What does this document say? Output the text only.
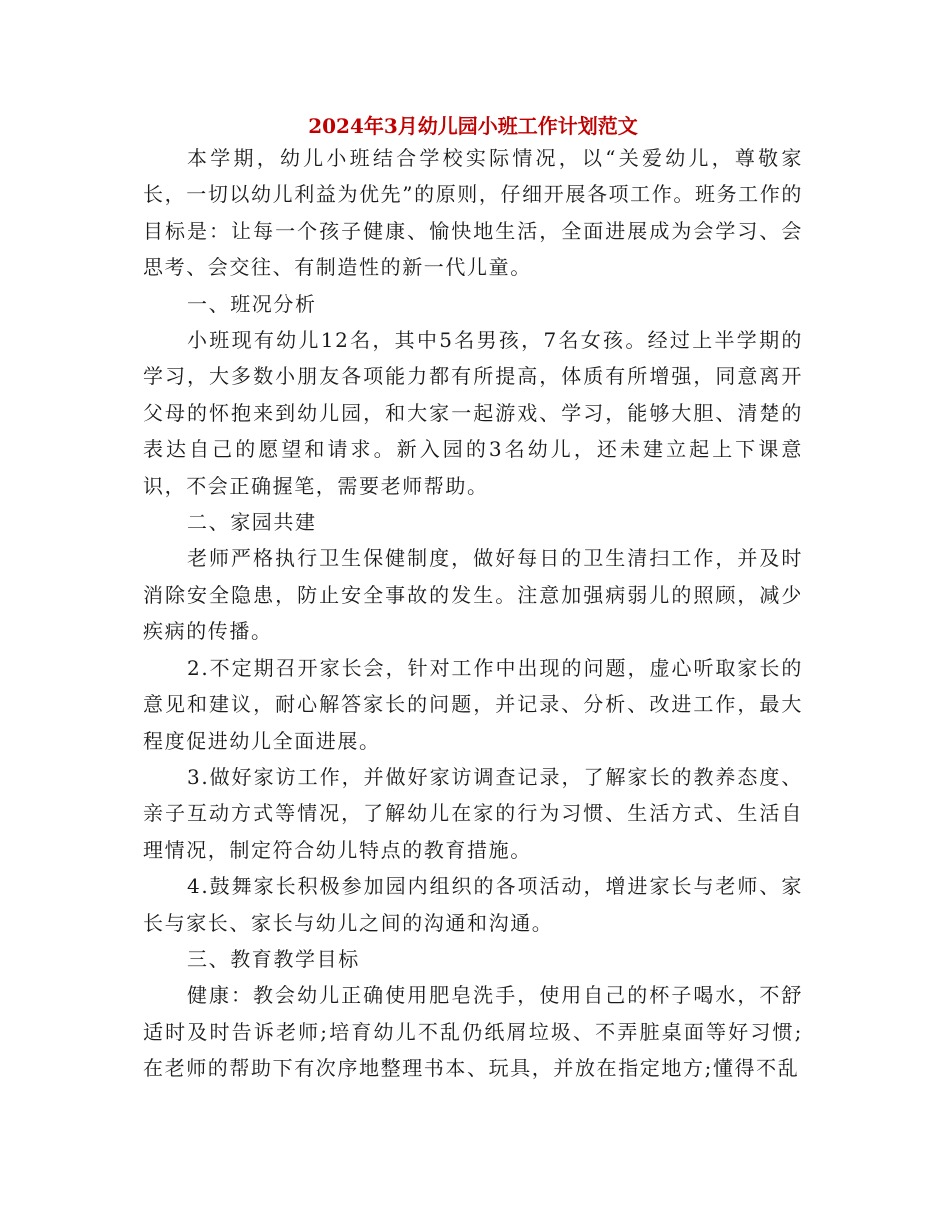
2024年3月幼儿园小班工作计划范文

本学期，幼儿小班结合学校实际情况，以“关爱幼儿，尊敬家长，一切以幼儿利益为优先”的原则，仔细开展各项工作。班务工作的目标是：让每一个孩子健康、愉快地生活，全面进展成为会学习、会思考、会交往、有制造性的新一代儿童。

一、班况分析

小班现有幼儿12名，其中5名男孩，7名女孩。经过上半学期的学习，大多数小朋友各项能力都有所提高，体质有所增强，同意离开父母的怀抱来到幼儿园，和大家一起游戏、学习，能够大胆、清楚的表达自己的愿望和请求。新入园的3名幼儿，还未建立起上下课意识，不会正确握笔，需要老师帮助。

二、家园共建

老师严格执行卫生保健制度，做好每日的卫生清扫工作，并及时消除安全隐患，防止安全事故的发生。注意加强病弱儿的照顾，减少疾病的传播。

2.不定期召开家长会，针对工作中出现的问题，虚心听取家长的意见和建议，耐心解答家长的问题，并记录、分析、改进工作，最大程度促进幼儿全面进展。

3.做好家访工作，并做好家访调查记录，了解家长的教养态度、亲子互动方式等情况，了解幼儿在家的行为习惯、生活方式、生活自理情况，制定符合幼儿特点的教育措施。

4.鼓舞家长积极参加园内组织的各项活动，增进家长与老师、家长与家长、家长与幼儿之间的沟通和沟通。

三、教育教学目标

健康：教会幼儿正确使用肥皂洗手，使用自己的杯子喝水，不舒适时及时告诉老师;培育幼儿不乱仍纸屑垃圾、不弄脏桌面等好习惯;在老师的帮助下有次序地整理书本、玩具，并放在指定地方;懂得不乱
